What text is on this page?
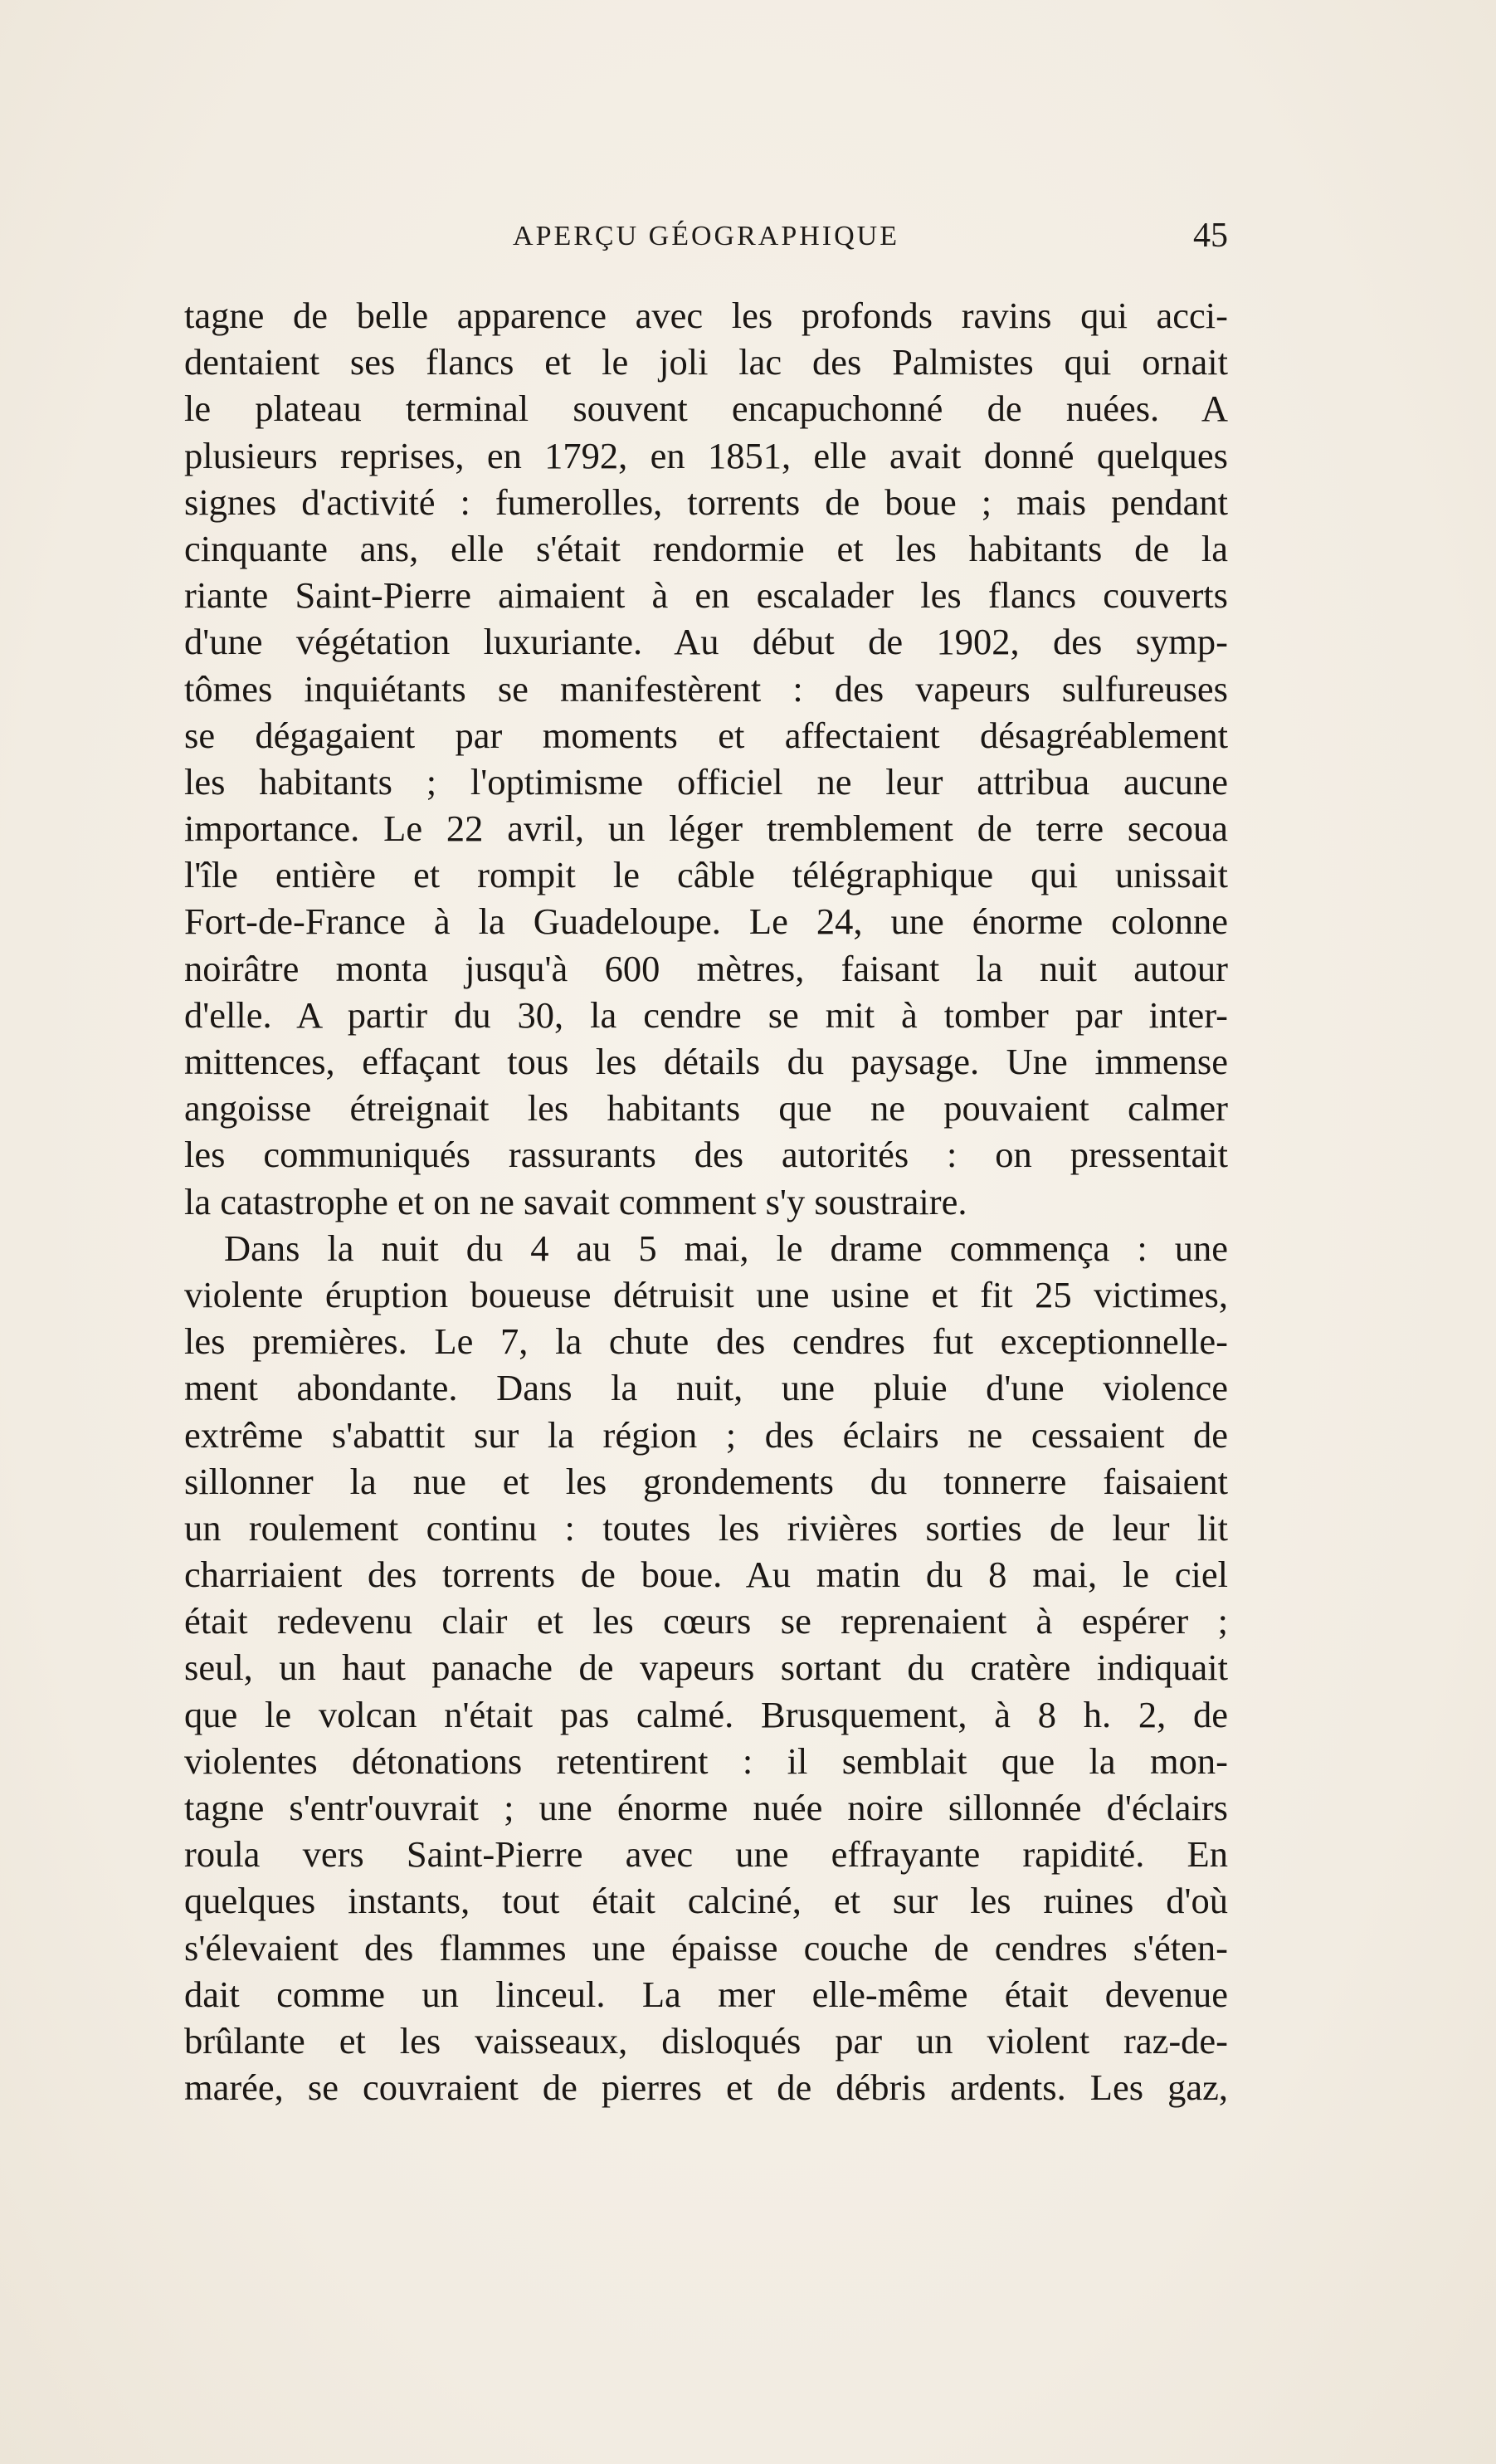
APERÇU GÉOGRAPHIQUE	45
tagne de belle apparence avec les profonds ravins qui acci-
dentaient ses flancs et le joli lac des Palmistes qui ornait
le plateau terminal souvent encapuchonné de nuées. A
plusieurs reprises, en 1792, en 1851, elle avait donné quelques
signes d'activité : fumerolles, torrents de boue ; mais pendant
cinquante ans, elle s'était rendormie et les habitants de la
riante Saint-Pierre aimaient à en escalader les flancs couverts
d'une végétation luxuriante. Au début de 1902, des symp-
tômes inquiétants se manifestèrent : des vapeurs sulfureuses
se dégagaient par moments et affectaient désagréablement
les habitants ; l'optimisme officiel ne leur attribua aucune
importance. Le 22 avril, un léger tremblement de terre secoua
l'île entière et rompit le câble télégraphique qui unissait
Fort-de-France à la Guadeloupe. Le 24, une énorme colonne
noirâtre monta jusqu'à 600 mètres, faisant la nuit autour
d'elle. A partir du 30, la cendre se mit à tomber par inter-
mittences, effaçant tous les détails du paysage. Une immense
angoisse étreignait les habitants que ne pouvaient calmer
les communiqués rassurants des autorités : on pressentait
la catastrophe et on ne savait comment s'y soustraire.
Dans la nuit du 4 au 5 mai, le drame commença : une
violente éruption boueuse détruisit une usine et fit 25 victimes,
les premières. Le 7, la chute des cendres fut exceptionnelle-
ment abondante. Dans la nuit, une pluie d'une violence
extrême s'abattit sur la région ; des éclairs ne cessaient de
sillonner la nue et les grondements du tonnerre faisaient
un roulement continu : toutes les rivières sorties de leur lit
charriaient des torrents de boue. Au matin du 8 mai, le ciel
était redevenu clair et les cœurs se reprenaient à espérer ;
seul, un haut panache de vapeurs sortant du cratère indiquait
que le volcan n'était pas calmé. Brusquement, à 8 h. 2, de
violentes détonations retentirent : il semblait que la mon-
tagne s'entr'ouvrait ; une énorme nuée noire sillonnée d'éclairs
roula vers Saint-Pierre avec une effrayante rapidité. En
quelques instants, tout était calciné, et sur les ruines d'où
s'élevaient des flammes une épaisse couche de cendres s'éten-
dait comme un linceul. La mer elle-même était devenue
brûlante et les vaisseaux, disloqués par un violent raz-de-
marée, se couvraient de pierres et de débris ardents. Les gaz,
